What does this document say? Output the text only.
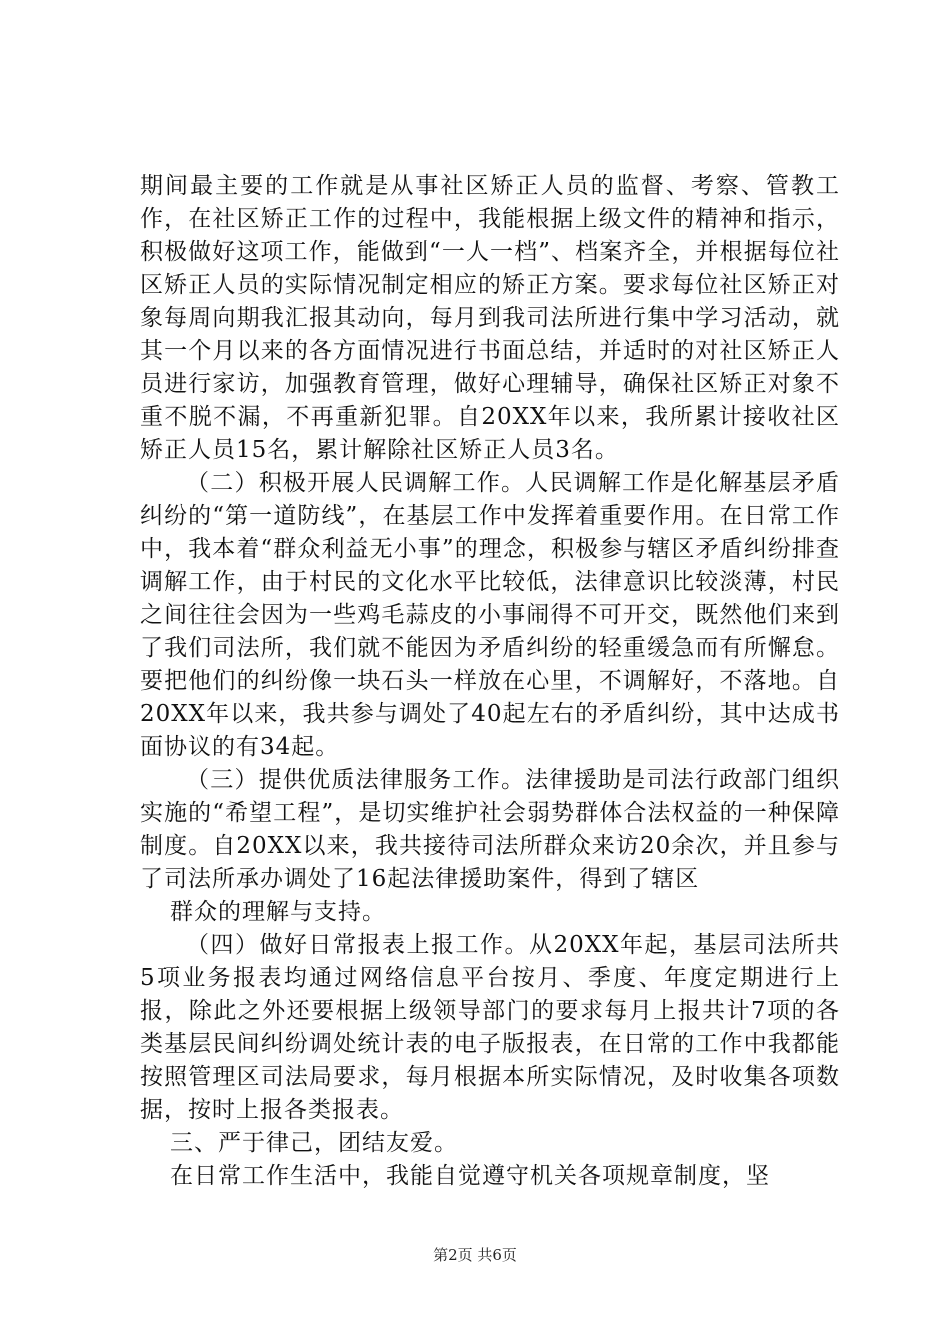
期间最主要的工作就是从事社区矫正人员的监督、考察、管教工作，在社区矫正工作的过程中，我能根据上级文件的精神和指示，积极做好这项工作，能做到“一人一档”、档案齐全，并根据每位社区矫正人员的实际情况制定相应的矫正方案。要求每位社区矫正对象每周向期我汇报其动向，每月到我司法所进行集中学习活动，就其一个月以来的各方面情况进行书面总结，并适时的对社区矫正人员进行家访，加强教育管理，做好心理辅导，确保社区矫正对象不重不脱不漏，不再重新犯罪。自20XX年以来，我所累计接收社区矫正人员15名，累计解除社区矫正人员3名。

（二）积极开展人民调解工作。人民调解工作是化解基层矛盾纠纷的“第一道防线”，在基层工作中发挥着重要作用。在日常工作中，我本着“群众利益无小事”的理念，积极参与辖区矛盾纠纷排查调解工作，由于村民的文化水平比较低，法律意识比较淡薄，村民之间往往会因为一些鸡毛蒜皮的小事闹得不可开交，既然他们来到了我们司法所，我们就不能因为矛盾纠纷的轻重缓急而有所懈怠。要把他们的纠纷像一块石头一样放在心里，不调解好，不落地。自20XX年以来，我共参与调处了40起左右的矛盾纠纷，其中达成书面协议的有34起。

（三）提供优质法律服务工作。法律援助是司法行政部门组织实施的“希望工程”，是切实维护社会弱势群体合法权益的一种保障制度。自20XX以来，我共接待司法所群众来访20余次，并且参与了司法所承办调处了16起法律援助案件，得到了辖区

群众的理解与支持。

（四）做好日常报表上报工作。从20XX年起，基层司法所共5项业务报表均通过网络信息平台按月、季度、年度定期进行上报，除此之外还要根据上级领导部门的要求每月上报共计7项的各类基层民间纠纷调处统计表的电子版报表，在日常的工作中我都能按照管理区司法局要求，每月根据本所实际情况，及时收集各项数据，按时上报各类报表。

三、严于律己，团结友爱。

在日常工作生活中，我能自觉遵守机关各项规章制度，坚

第2页 共6页
